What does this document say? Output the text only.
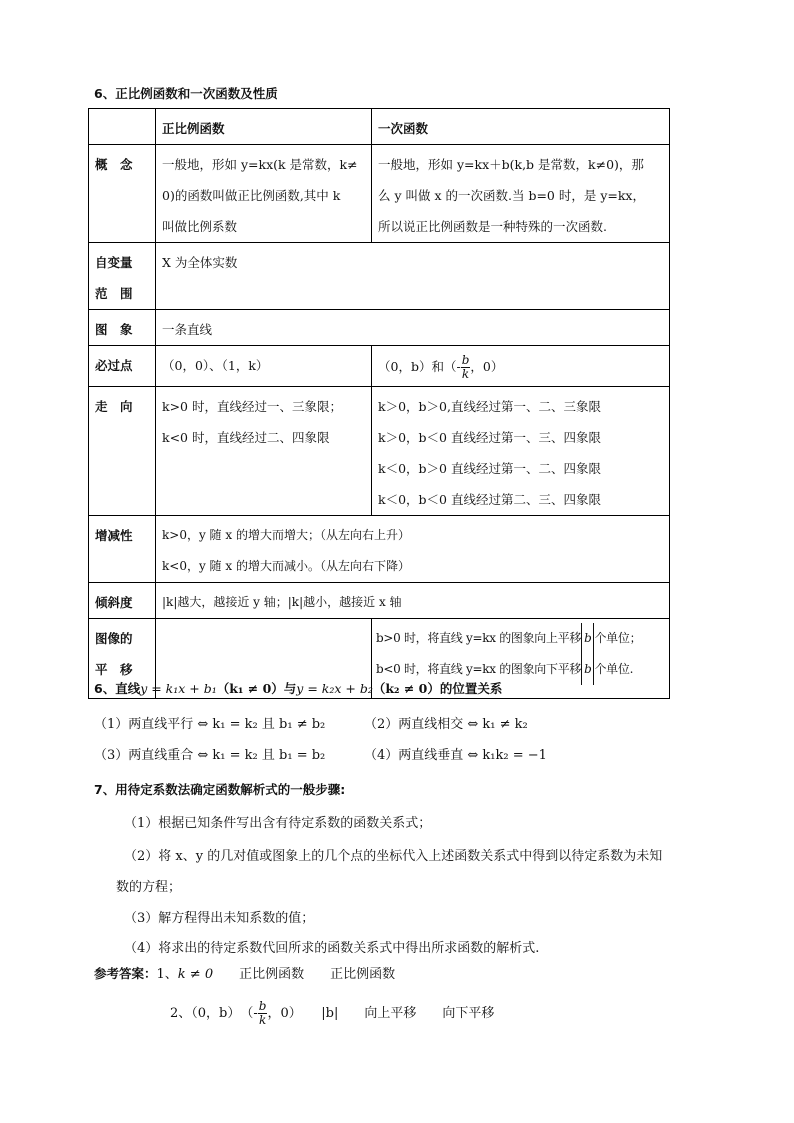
6、正比例函数和一次函数及性质

	正比例函数	一次函数

概　念	一般地，形如 y=kx(k 是常数，k≠
0)的函数叫做正比例函数,其中 k
叫做比例系数	一般地，形如 y=kx＋b(k,b 是常数，k≠0)，那
么 y 叫做 x 的一次函数.当 b=0 时，是 y=kx，
所以说正比例函数是一种特殊的一次函数.

自变量
范　围	X 为全体实数	

图　象	一条直线	

必过点	（0，0）、（1，k）	（0，b）和（- $\frac{b}{k}$ ，0）

走　向	k>0 时，直线经过一、三象限；
k<0 时，直线经过二、四象限	k＞0，b＞0,直线经过第一、二、三象限
k＞0，b＜0 直线经过第一、三、四象限
k＜0，b＞0 直线经过第一、二、四象限
k＜0，b＜0 直线经过第二、三、四象限

增减性	k>0，y 随 x 的增大而增大；（从左向右上升）
k<0，y 随 x 的增大而减小。（从左向右下降）	

倾斜度	|k|越大，越接近 y 轴；|k|越小，越接近 x 轴	

图像的
平　移		b>0 时，将直线 y=kx 的图象向上平移 b 个单位；
b<0 时，将直线 y=kx 的图象向下平移 b 个单位.
6、直线y = k₁x + b₁（k₁ ≠ 0）与y = k₂x + b₂（k₂ ≠ 0）的位置关系
（1）两直线平行 ⇔ k₁ = k₂ 且 b₁ ≠ b₂	（2）两直线相交 ⇔ k₁ ≠ k₂
（3）两直线重合 ⇔ k₁ = k₂ 且 b₁ = b₂	（4）两直线垂直 ⇔ k₁k₂ = −1
7、用待定系数法确定函数解析式的一般步骤:
（1）根据已知条件写出含有待定系数的函数关系式；
（2）将 x、y 的几对值或图象上的几个点的坐标代入上述函数关系式中得到以待定系数为未知
数的方程；
（3）解方程得出未知系数的值；
（4）将求出的待定系数代回所求的函数关系式中得出所求函数的解析式.
参考答案：1、k ≠ 0　　 正比例函数　　正比例函数
2、（0，b）　（- $\frac{b}{k}$ ，0）　　 |b|　　 向上平移　　向下平移
